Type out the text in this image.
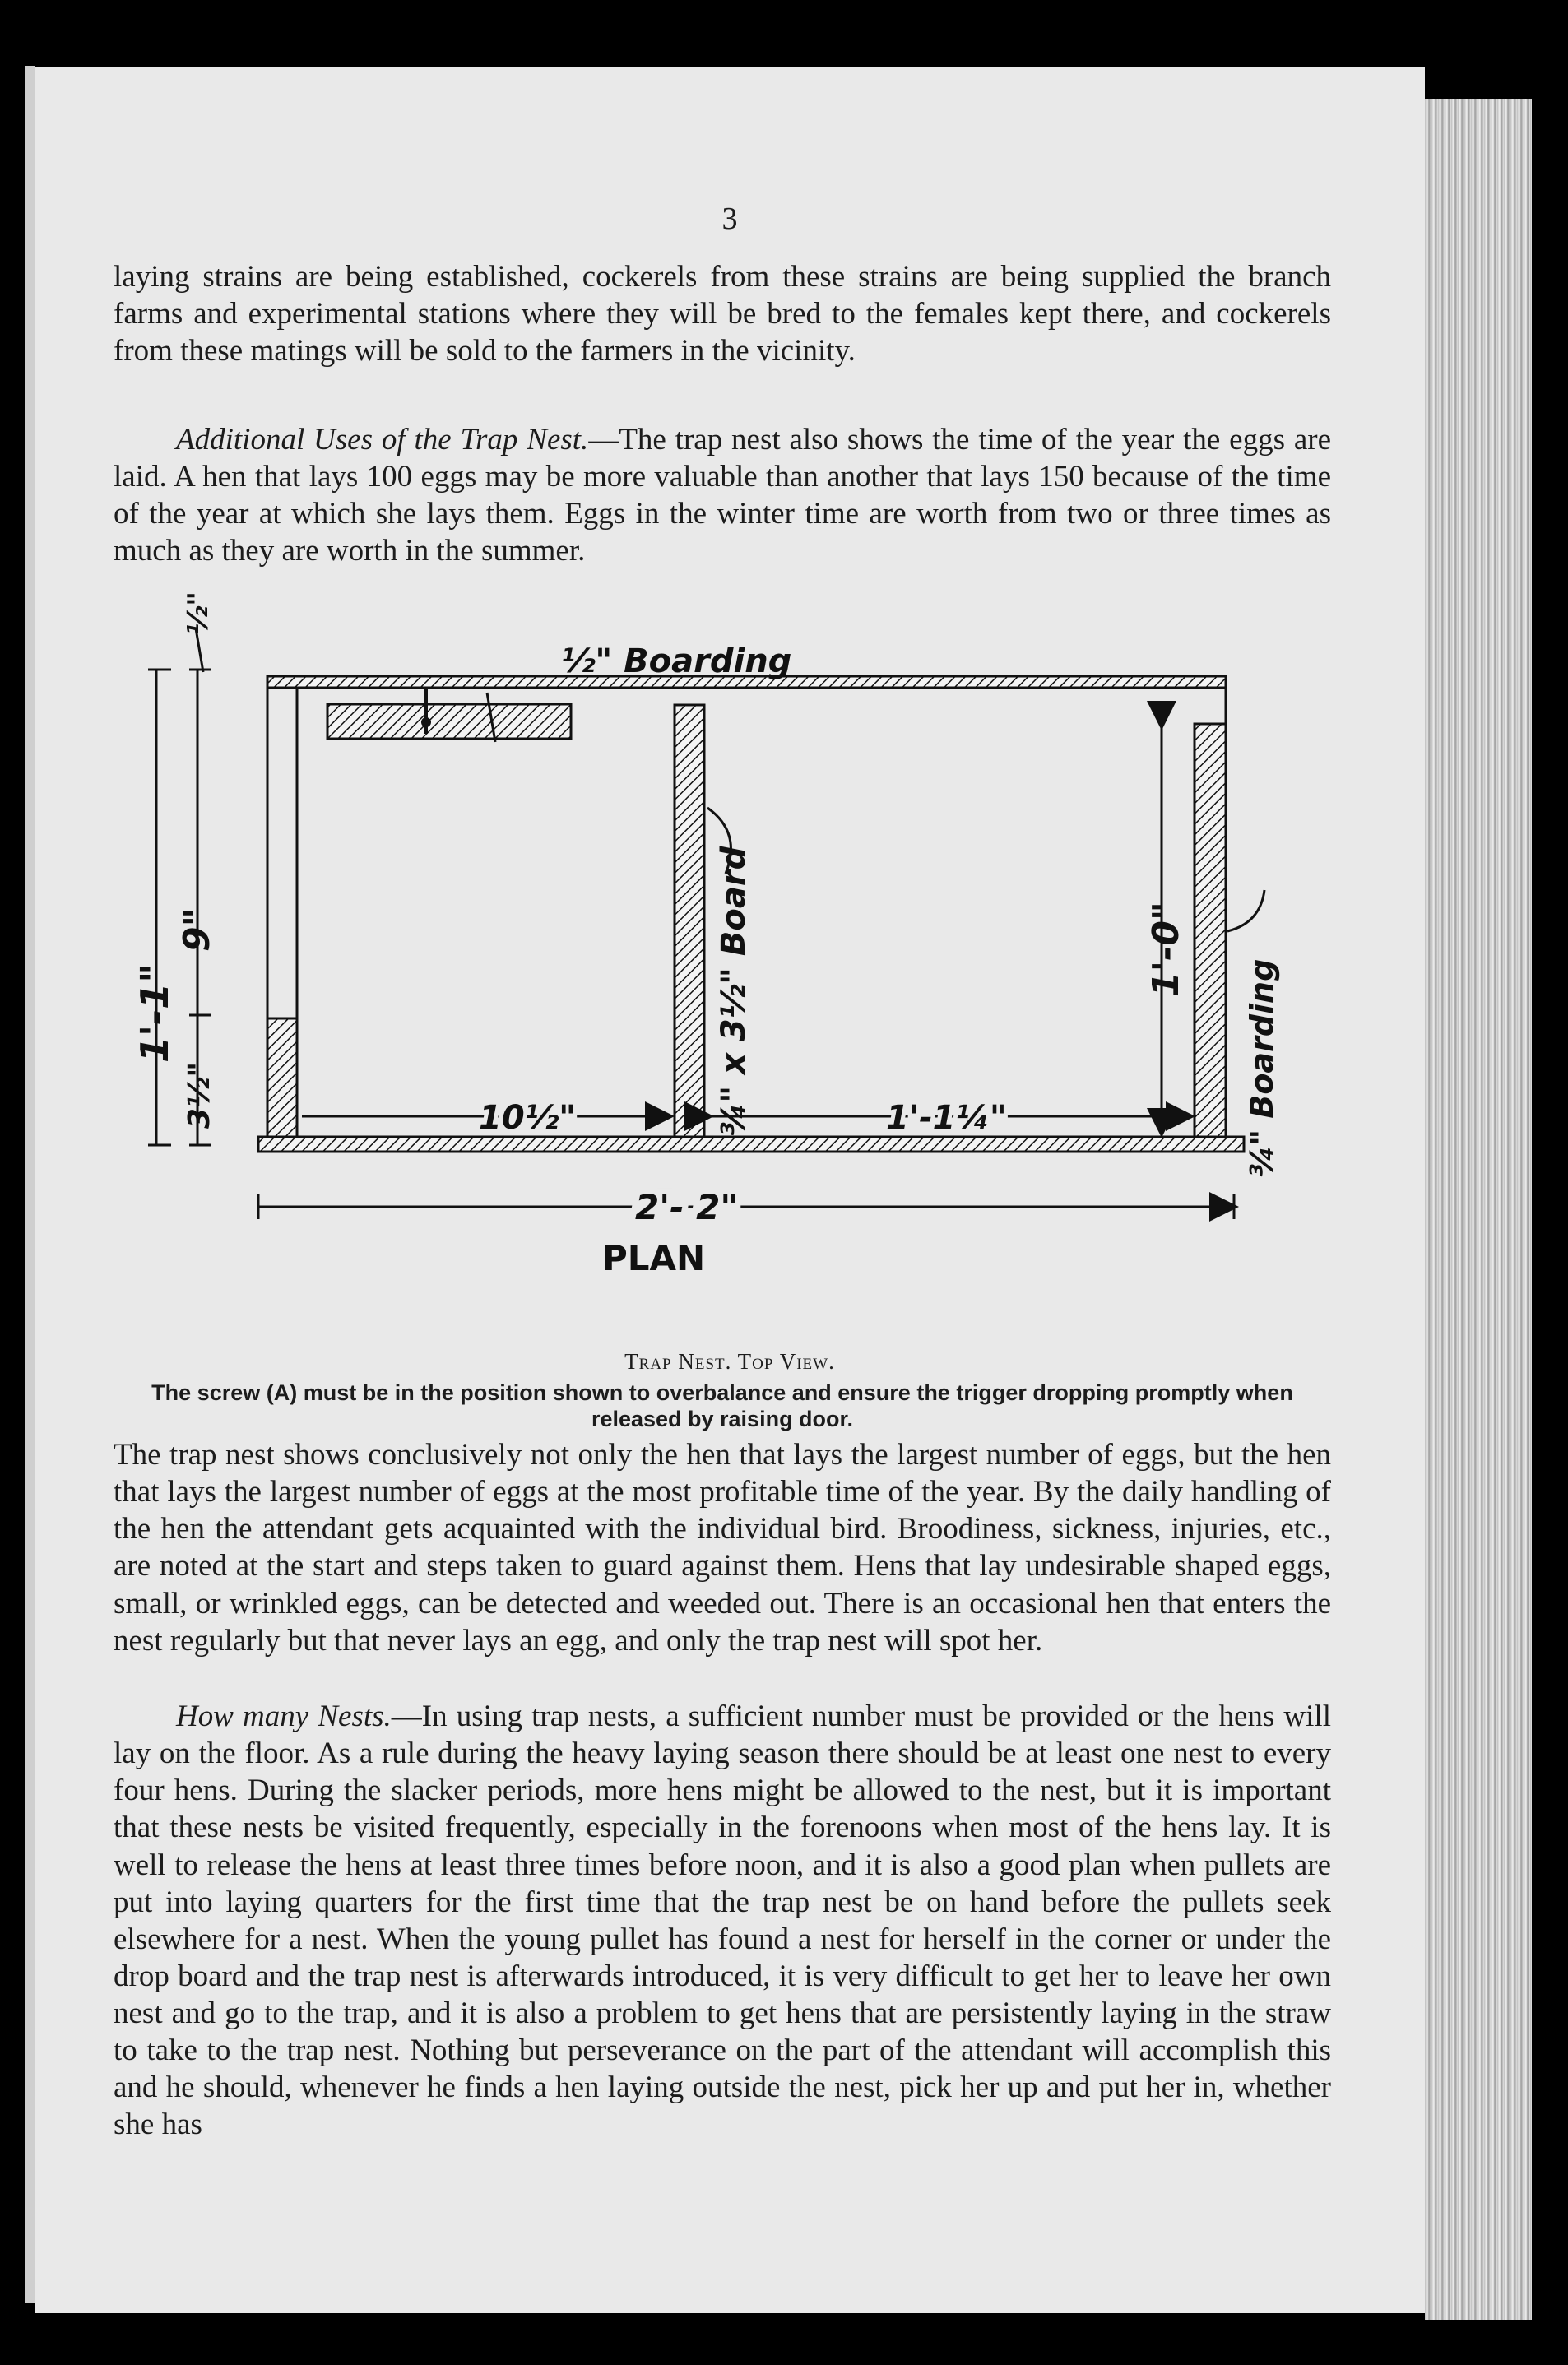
3

laying strains are being established, cockerels from these strains are being supplied the branch farms and experimental stations where they will be bred to the females kept there, and cockerels from these matings will be sold to the farmers in the vicinity.

Additional Uses of the Trap Nest.—The trap nest also shows the time of the year the eggs are laid. A hen that lays 100 eggs may be more valuable than another that lays 150 because of the time of the year at which she lays them. Eggs in the winter time are worth from two or three times as much as they are worth in the summer.

½" Boarding
½"
1'-1"
9"
3½"	¾" x 3½" Board	¾" Boarding
1'-0"
10½"	1'-1¼"
2'- 2"
PLAN
Trap Nest. Top View.

The screw (A) must be in the position shown to overbalance and ensure the trigger dropping promptly when released by raising door.

The trap nest shows conclusively not only the hen that lays the largest number of eggs, but the hen that lays the largest number of eggs at the most profitable time of the year. By the daily handling of the hen the attendant gets acquainted with the individual bird. Broodiness, sickness, injuries, etc., are noted at the start and steps taken to guard against them. Hens that lay undesirable shaped eggs, small, or wrinkled eggs, can be detected and weeded out. There is an occasional hen that enters the nest regularly but that never lays an egg, and only the trap nest will spot her.

How many Nests.—In using trap nests, a sufficient number must be provided or the hens will lay on the floor. As a rule during the heavy laying season there should be at least one nest to every four hens. During the slacker periods, more hens might be allowed to the nest, but it is important that these nests be visited frequently, especially in the forenoons when most of the hens lay. It is well to release the hens at least three times before noon, and it is also a good plan when pullets are put into laying quarters for the first time that the trap nest be on hand before the pullets seek elsewhere for a nest. When the young pullet has found a nest for herself in the corner or under the drop board and the trap nest is afterwards introduced, it is very difficult to get her to leave her own nest and go to the trap, and it is also a problem to get hens that are persistently laying in the straw to take to the trap nest. Nothing but perseverance on the part of the attendant will accomplish this and he should, whenever he finds a hen laying outside the nest, pick her up and put her in, whether she has
